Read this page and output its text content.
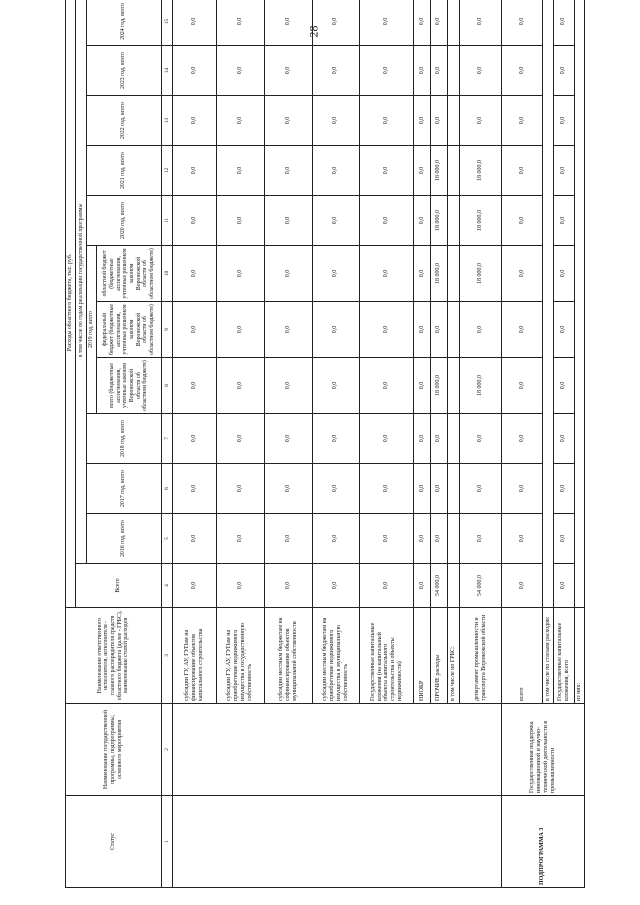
28
Статус	Наименование государственной программы, подпрограммы, основного мероприятия	Наименование ответственного исполнителя, исполнителя - главного распорядителя средств областного бюджета (далее - ГРБС), наименование статей расходов	Расходы областного бюджета, тыс. руб.											
			Всего	в том числе по годам реализации государственной программы										
				2016 год, всего	2017 год, всего	2018 год, всего	2019 год, всего			2020 год, всего	2021 год, всего	2022 год, всего	2023 год, всего	2024 год, всего
							всего (бюджетные ассигнования, учтенные законом Воронежской области об областном бюджете)	федеральный бюджет (бюджетные ассигнования, учтенные решением законом Воронежской области об областном бюджете)	областной бюджет (бюджетные ассигнования, учтенные решением законом Воронежской области об областном бюджете)					
1	2	3	4	5	6	7	8	9	10	11	12	13	14	15
		субсидии ГУ, АУ, ГУПам на финансирование объектов капитального строительства	0,0	0,0	0,0	0,0	0,0	0,0	0,0	0,0	0,0	0,0	0,0	0,0
		субсидии ГУ, АУ, ГУПам на приобретение недвижимого имущества в государственную собственность	0,0	0,0	0,0	0,0	0,0	0,0	0,0	0,0	0,0	0,0	0,0	0,0
		субсидии местным бюджетам на софинансирование объектов муниципальной собственности	0,0	0,0	0,0	0,0	0,0	0,0	0,0	0,0	0,0	0,0	0,0	0,0
		субсидии местным бюджетам на приобретение недвижимого имущества в муниципальную собственность	0,0	0,0	0,0	0,0	0,0	0,0	0,0	0,0	0,0	0,0	0,0	0,0
		Государственные капитальные вложения (на капитальный объекты капитального строительства и объекты недвижимости)	0,0	0,0	0,0	0,0	0,0	0,0	0,0	0,0	0,0	0,0	0,0	0,0
		НИОКР	0,0	0,0	0,0	0,0	0,0	0,0	0,0	0,0	0,0	0,0	0,0	0,0
		ПРОЧИЕ расходы	54 000,0	0,0	0,0	0,0	18 000,0	0,0	18 000,0	18 000,0	18 000,0	0,0	0,0	0,0
		в том числе по ГРБС:												
		департамент промышленности и транспорта Воронежской области	54 000,0	0,0	0,0	0,0	18 000,0	0,0	18 000,0	18 000,0	18 000,0	0,0	0,0	0,0
ПОДПРОГРАММА 3	Государственная поддержка инновационной и научно-технической деятельности в промышленности	всего	0,0	0,0	0,0	0,0	0,0	0,0	0,0	0,0	0,0	0,0	0,0	0,0
		в том числе по статьям расходов:												
		Государственные капитальные вложения, всего	0,0	0,0	0,0	0,0	0,0	0,0	0,0	0,0	0,0	0,0	0,0	0,0
		из них:												
